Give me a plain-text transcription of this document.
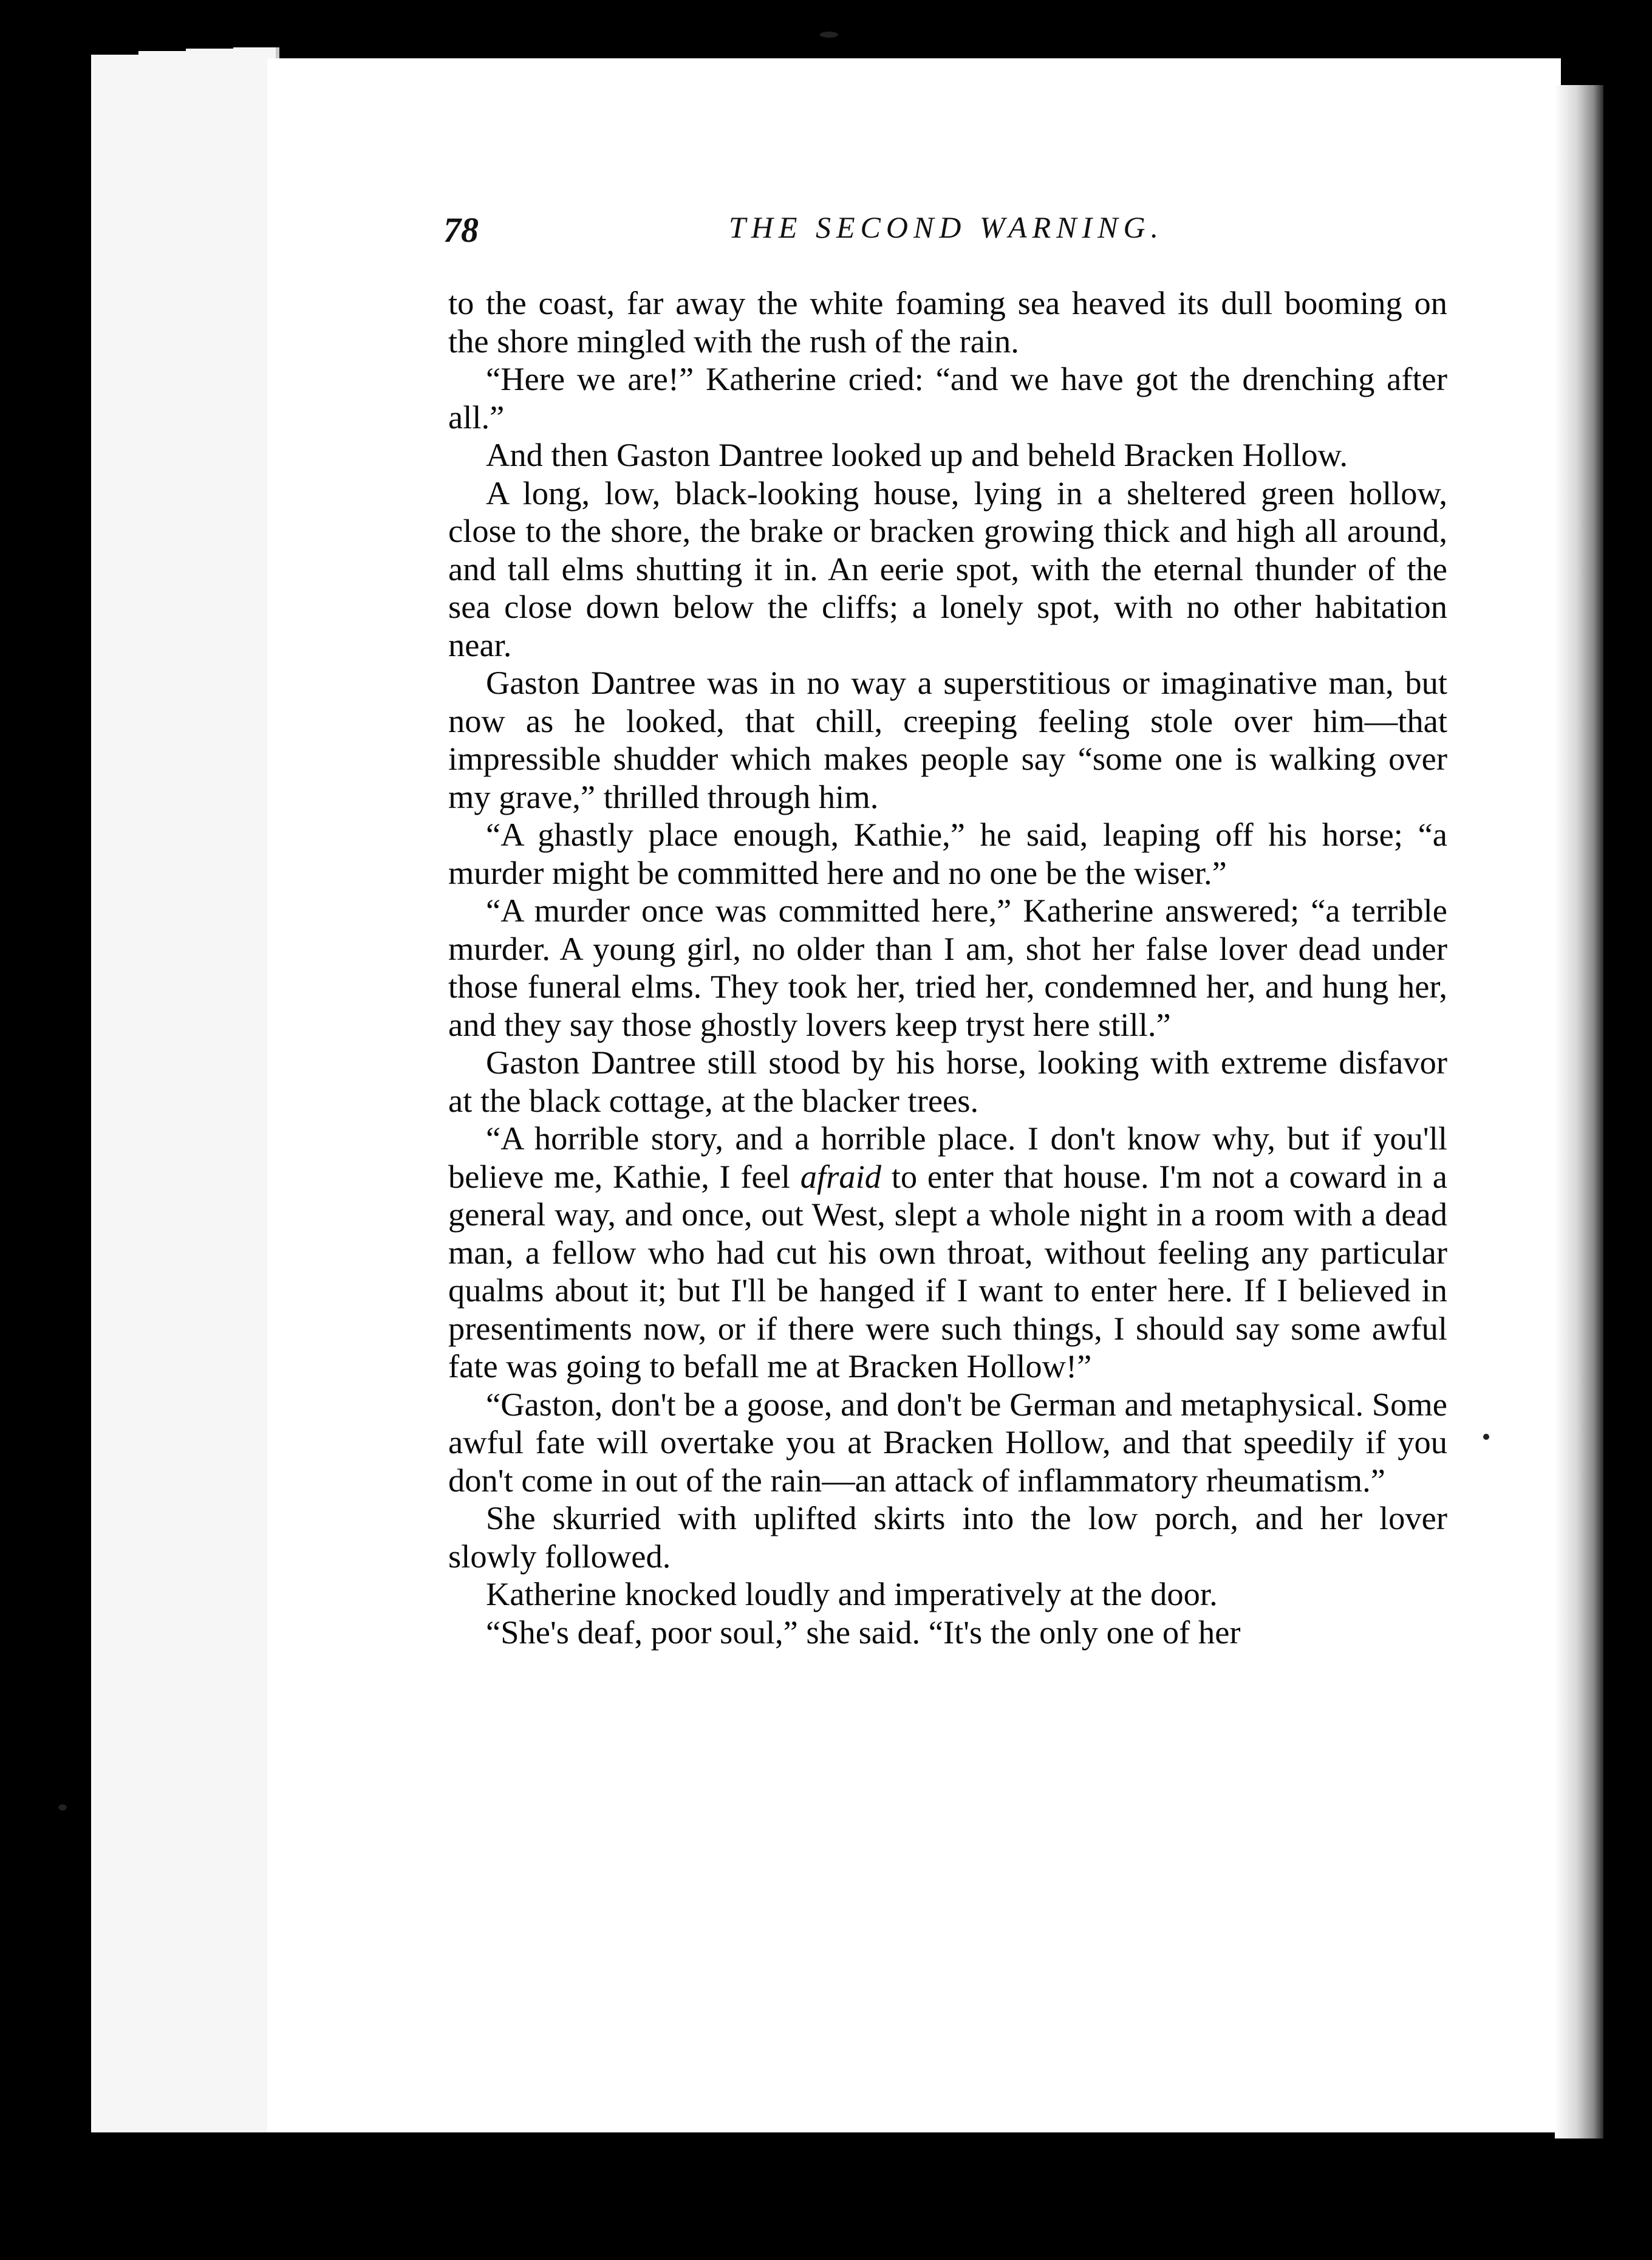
78	THE SECOND WARNING.

to the coast, far away the white foaming sea heaved its dull booming on the shore mingled with the rush of the rain.

“Here we are!” Katherine cried: “and we have got the drenching after all.”

And then Gaston Dantree looked up and beheld Bracken Hollow.

A long, low, black-looking house, lying in a sheltered green hollow, close to the shore, the brake or bracken growing thick and high all around, and tall elms shutting it in. An eerie spot, with the eternal thunder of the sea close down below the cliffs; a lonely spot, with no other habitation near.

Gaston Dantree was in no way a superstitious or imaginative man, but now as he looked, that chill, creeping feeling stole over him—that impressible shudder which makes people say “some one is walking over my grave,” thrilled through him.

“A ghastly place enough, Kathie,” he said, leaping off his horse; “a murder might be committed here and no one be the wiser.”

“A murder once was committed here,” Katherine answered; “a terrible murder. A young girl, no older than I am, shot her false lover dead under those funeral elms. They took her, tried her, condemned her, and hung her, and they say those ghostly lovers keep tryst here still.”

Gaston Dantree still stood by his horse, looking with extreme disfavor at the black cottage, at the blacker trees.

“A horrible story, and a horrible place. I don't know why, but if you'll believe me, Kathie, I feel afraid to enter that house. I'm not a coward in a general way, and once, out West, slept a whole night in a room with a dead man, a fellow who had cut his own throat, without feeling any particular qualms about it; but I'll be hanged if I want to enter here. If I believed in presentiments now, or if there were such things, I should say some awful fate was going to befall me at Bracken Hollow!”

“Gaston, don't be a goose, and don't be German and metaphysical. Some awful fate will overtake you at Bracken Hollow, and that speedily if you don't come in out of the rain—an attack of inflammatory rheumatism.”

She skurried with uplifted skirts into the low porch, and her lover slowly followed.

Katherine knocked loudly and imperatively at the door.

“She's deaf, poor soul,” she said. “It's the only one of her
